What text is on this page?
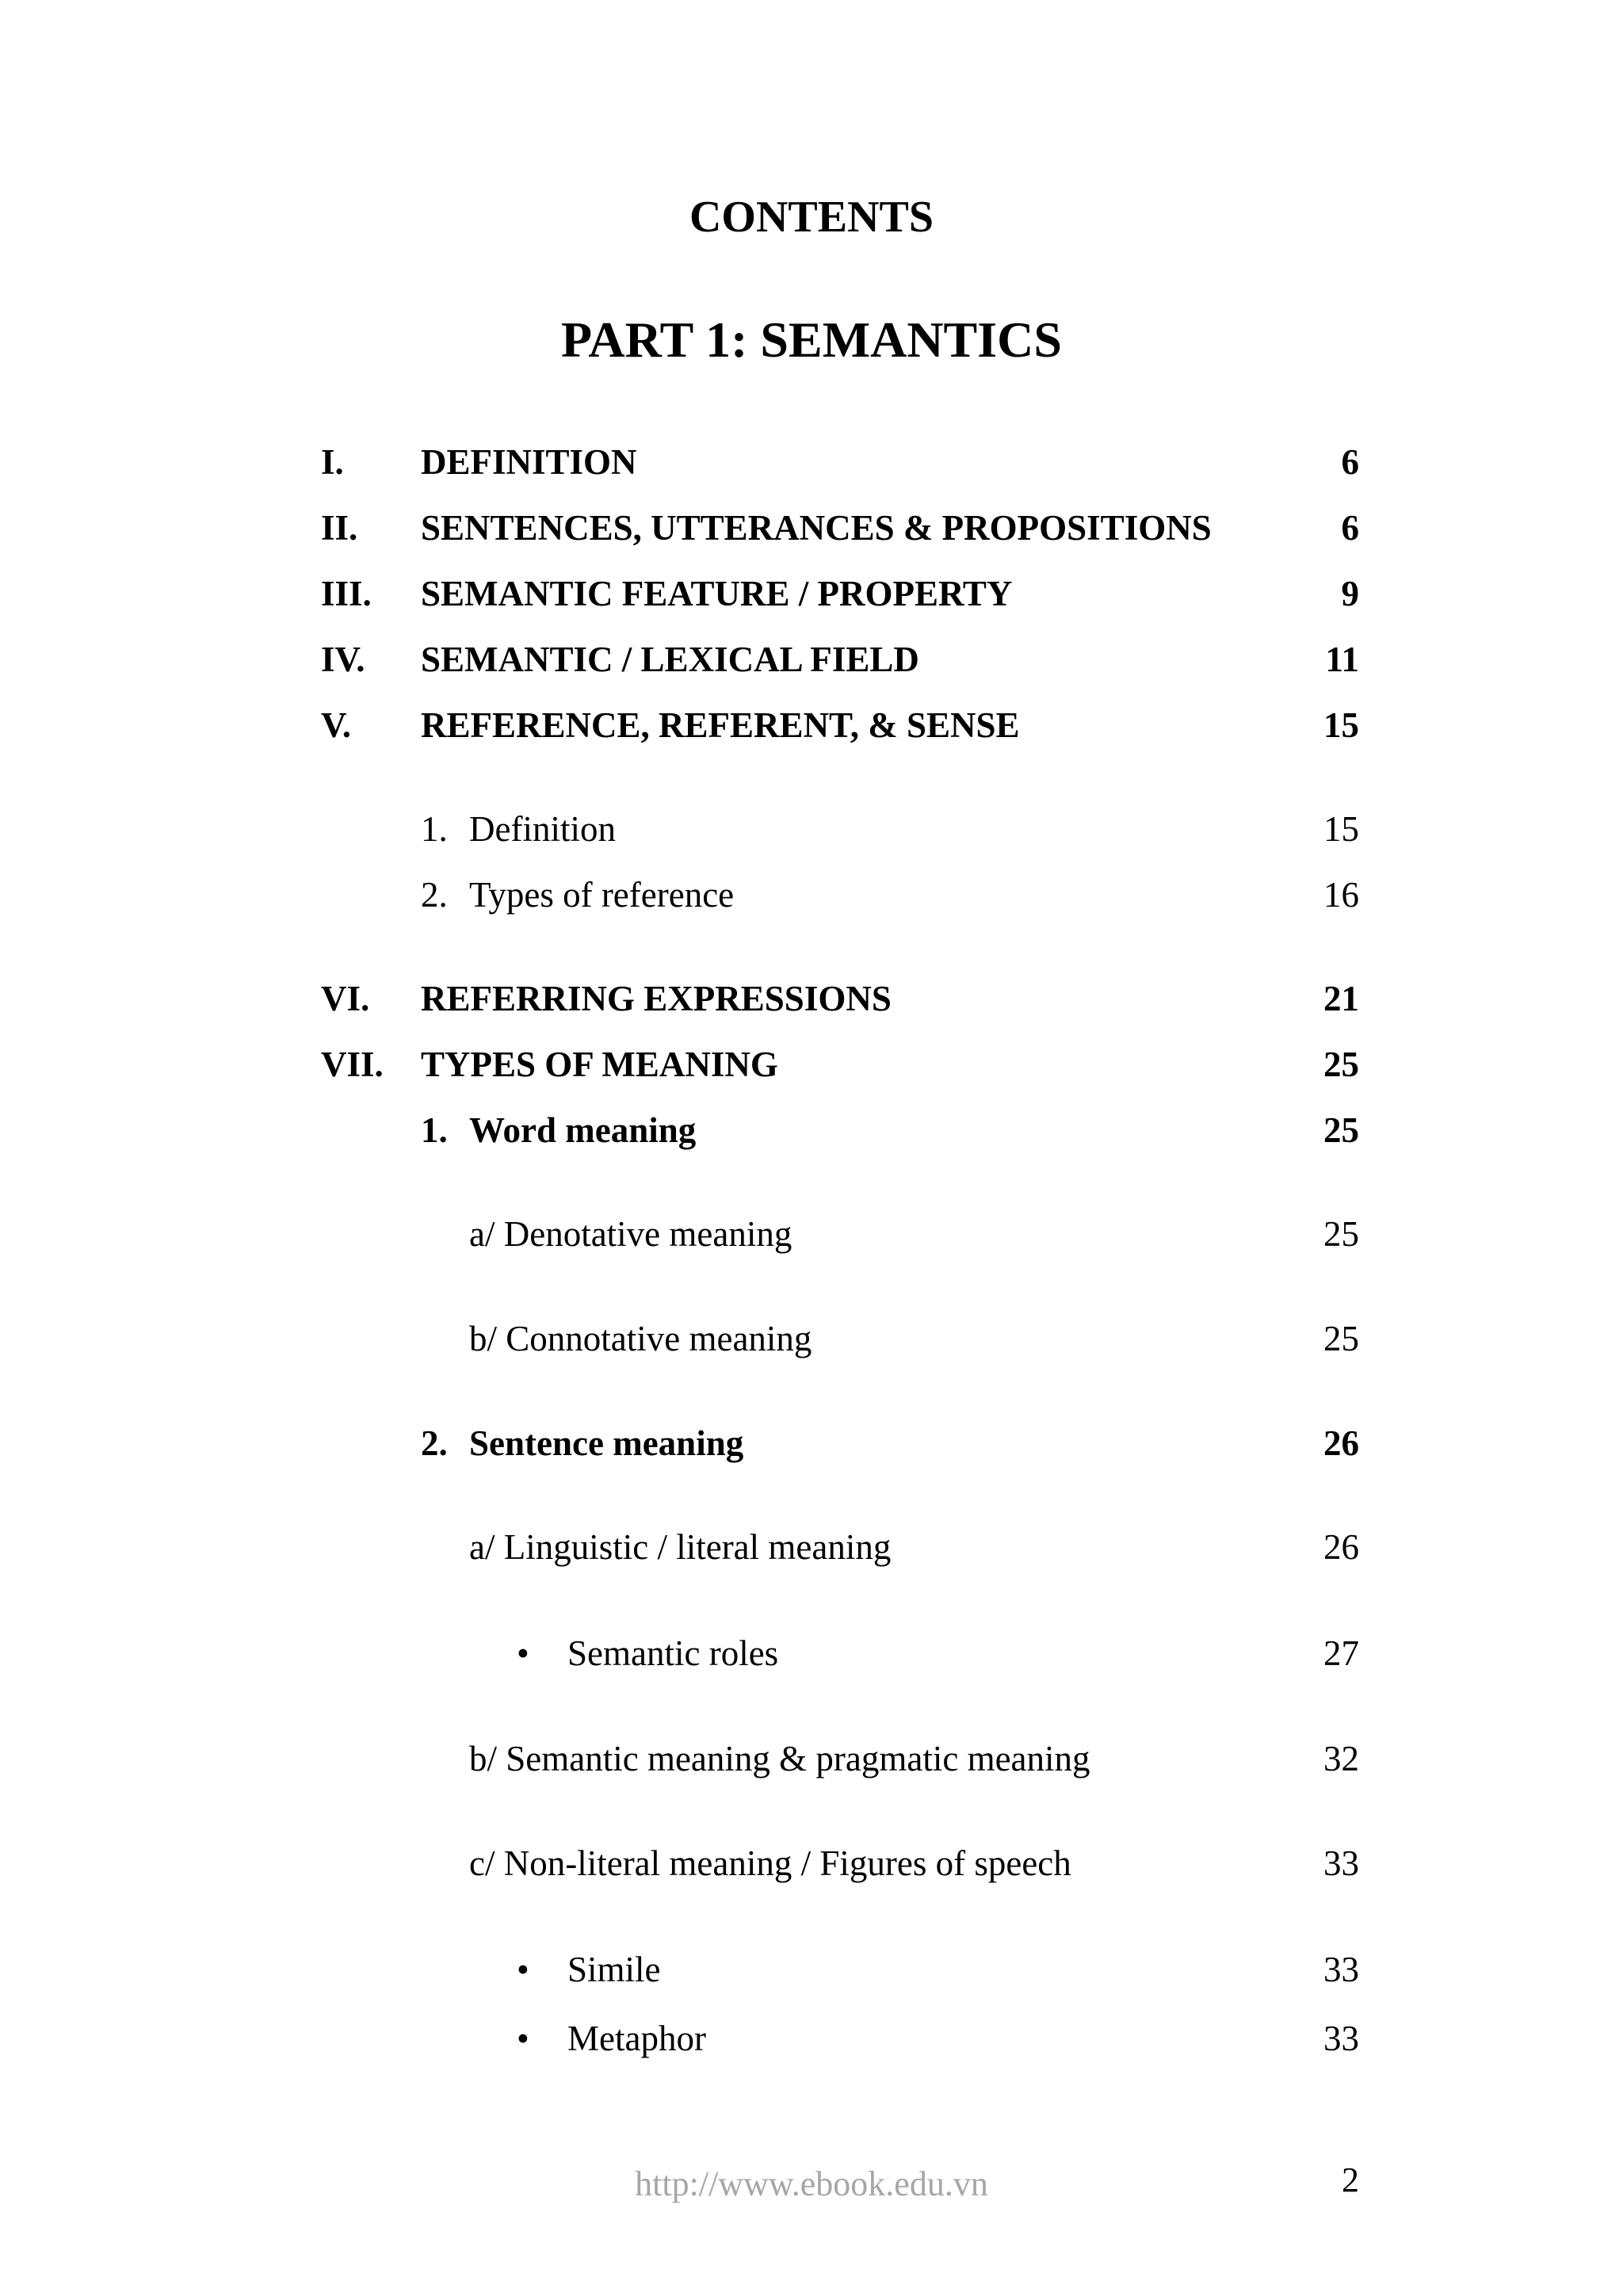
CONTENTS
PART 1: SEMANTICS
I. DEFINITION	6
II. SENTENCES, UTTERANCES & PROPOSITIONS	6
III. SEMANTIC FEATURE / PROPERTY	9
IV. SEMANTIC / LEXICAL FIELD	11
V. REFERENCE, REFERENT, & SENSE	15
1. Definition	15
2. Types of reference	16
VI. REFERRING EXPRESSIONS	21
VII. TYPES OF MEANING	25
1. Word meaning	25
a/ Denotative meaning	25
b/ Connotative meaning	25
2. Sentence meaning	26
a/ Linguistic / literal meaning	26
• Semantic roles	27
b/ Semantic meaning & pragmatic meaning	32
c/ Non-literal meaning / Figures of speech	33
• Simile	33
• Metaphor	33
http://www.ebook.edu.vn	2
